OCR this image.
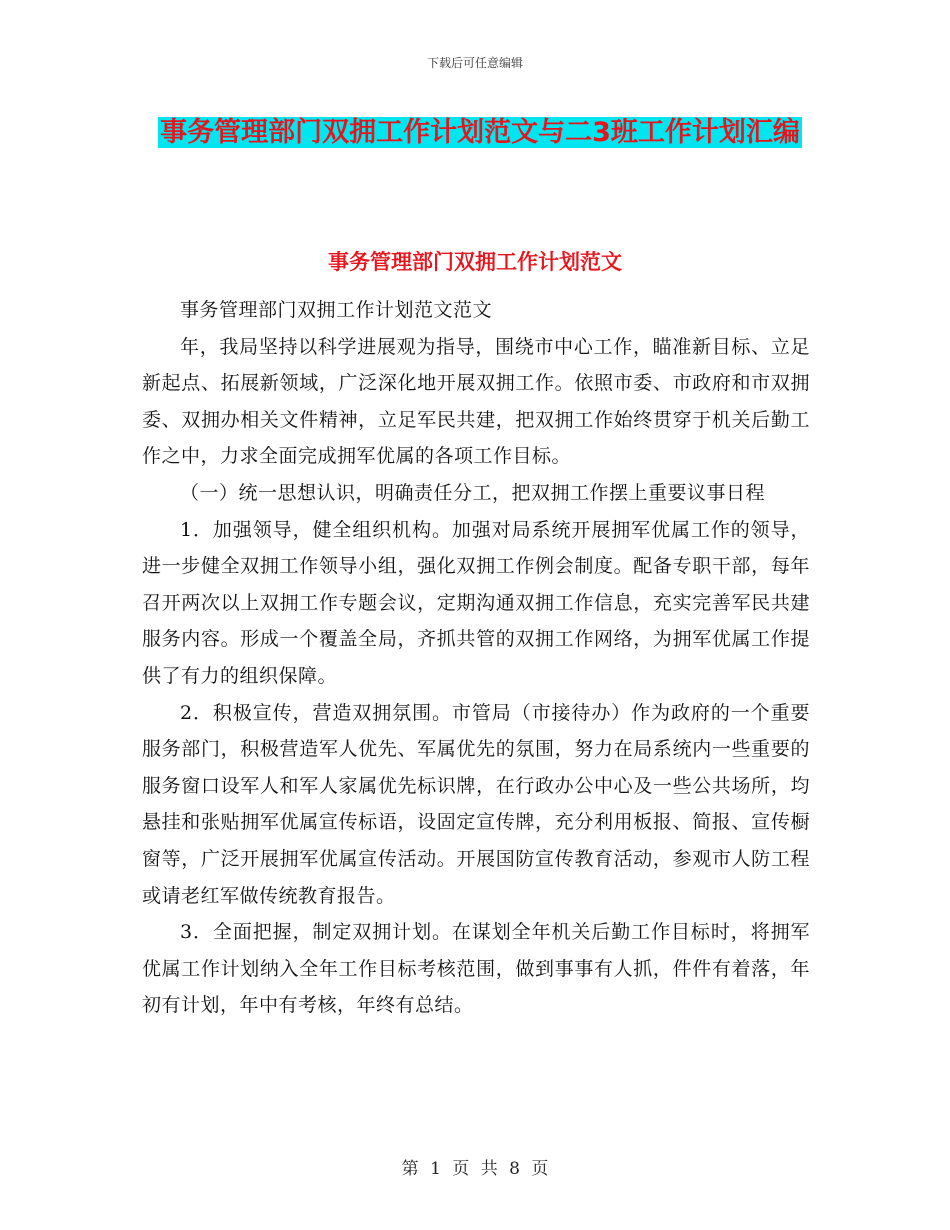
下载后可任意编辑
事务管理部门双拥工作计划范文与二3班工作计划汇编
事务管理部门双拥工作计划范文

事务管理部门双拥工作计划范文范文

年，我局坚持以科学进展观为指导，围绕市中心工作，瞄准新目标、立足新起点、拓展新领域，广泛深化地开展双拥工作。依照市委、市政府和市双拥委、双拥办相关文件精神，立足军民共建，把双拥工作始终贯穿于机关后勤工作之中，力求全面完成拥军优属的各项工作目标。

（一）统一思想认识，明确责任分工，把双拥工作摆上重要议事日程

1．加强领导，健全组织机构。加强对局系统开展拥军优属工作的领导，进一步健全双拥工作领导小组，强化双拥工作例会制度。配备专职干部，每年召开两次以上双拥工作专题会议，定期沟通双拥工作信息，充实完善军民共建服务内容。形成一个覆盖全局，齐抓共管的双拥工作网络，为拥军优属工作提供了有力的组织保障。

2．积极宣传，营造双拥氛围。市管局（市接待办）作为政府的一个重要服务部门，积极营造军人优先、军属优先的氛围，努力在局系统内一些重要的服务窗口设军人和军人家属优先标识牌，在行政办公中心及一些公共场所，均悬挂和张贴拥军优属宣传标语，设固定宣传牌，充分利用板报、简报、宣传橱窗等，广泛开展拥军优属宣传活动。开展国防宣传教育活动，参观市人防工程或请老红军做传统教育报告。

3．全面把握，制定双拥计划。在谋划全年机关后勤工作目标时，将拥军优属工作计划纳入全年工作目标考核范围，做到事事有人抓，件件有着落，年初有计划，年中有考核，年终有总结。

第 1 页 共 8 页
